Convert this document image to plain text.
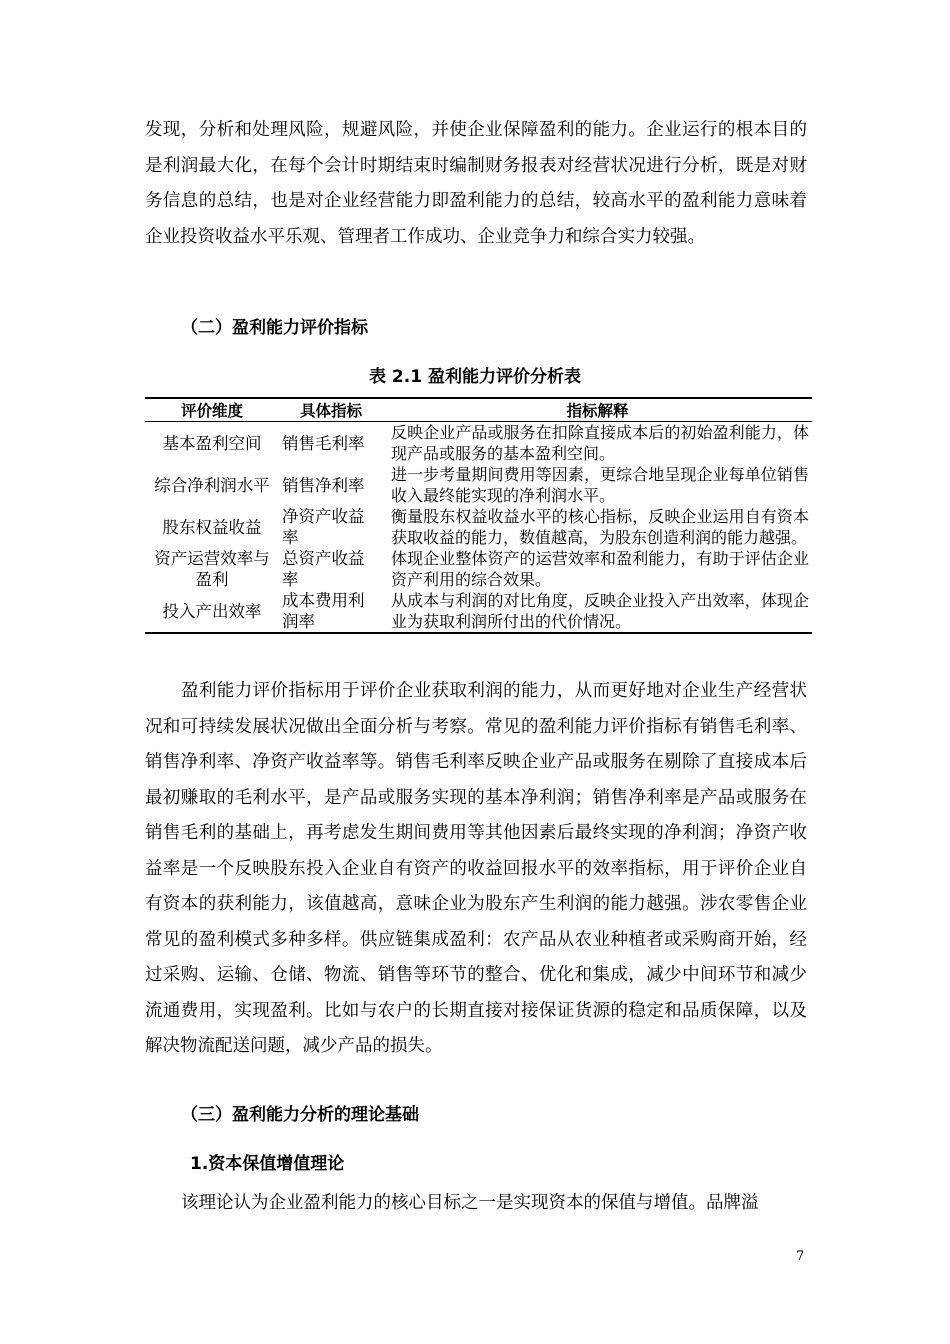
发现，分析和处理风险，规避风险，并使企业保障盈利的能力。企业运行的根本目的是利润最大化，在每个会计时期结束时编制财务报表对经营状况进行分析，既是对财务信息的总结，也是对企业经营能力即盈利能力的总结，较高水平的盈利能力意味着企业投资收益水平乐观、管理者工作成功、企业竞争力和综合实力较强。

（二）盈利能力评价指标
表 2.1 盈利能力评价分析表
评价维度	具体指标	指标解释
基本盈利空间	销售毛利率	反映企业产品或服务在扣除直接成本后的初始盈利能力，体现产品或服务的基本盈利空间。
综合净利润水平	销售净利率	进一步考量期间费用等因素，更综合地呈现企业每单位销售收入最终能实现的净利润水平。
股东权益收益	净资产收益率	衡量股东权益收益水平的核心指标，反映企业运用自有资本获取收益的能力，数值越高，为股东创造利润的能力越强。
资产运营效率与盈利	总资产收益率	体现企业整体资产的运营效率和盈利能力，有助于评估企业资产利用的综合效果。
投入产出效率	成本费用利润率	从成本与利润的对比角度，反映企业投入产出效率，体现企业为获取利润所付出的代价情况。

盈利能力评价指标用于评价企业获取利润的能力，从而更好地对企业生产经营状况和可持续发展状况做出全面分析与考察。常见的盈利能力评价指标有销售毛利率、销售净利率、净资产收益率等。销售毛利率反映企业产品或服务在剔除了直接成本后最初赚取的毛利水平，是产品或服务实现的基本净利润；销售净利率是产品或服务在销售毛利的基础上，再考虑发生期间费用等其他因素后最终实现的净利润；净资产收益率是一个反映股东投入企业自有资产的收益回报水平的效率指标，用于评价企业自有资本的获利能力，该值越高，意味企业为股东产生利润的能力越强。涉农零售企业常见的盈利模式多种多样。供应链集成盈利：农产品从农业种植者或采购商开始，经过采购、运输、仓储、物流、销售等环节的整合、优化和集成，减少中间环节和减少流通费用，实现盈利。比如与农户的长期直接对接保证货源的稳定和品质保障，以及解决物流配送问题，减少产品的损失。

（三）盈利能力分析的理论基础
1.资本保值增值理论

该理论认为企业盈利能力的核心目标之一是实现资本的保值与增值。品牌溢

7
